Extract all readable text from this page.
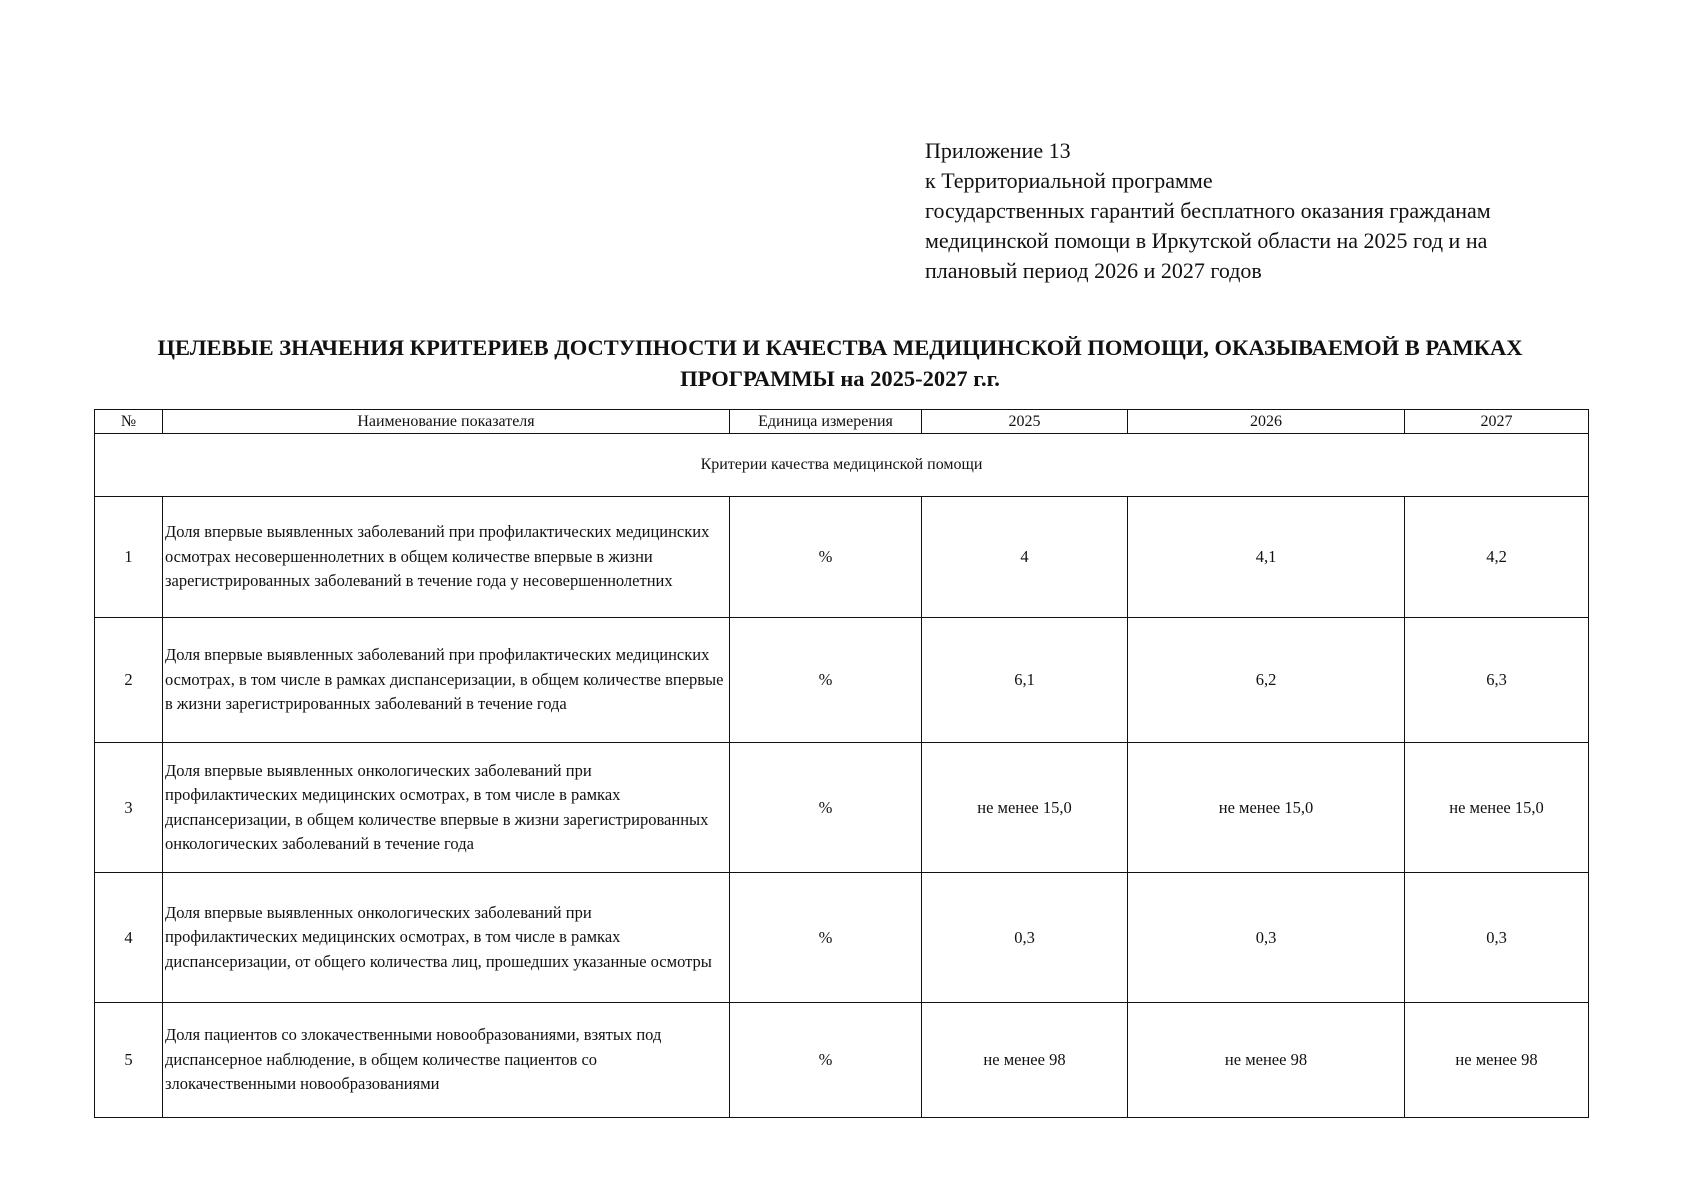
Приложение 13
к Территориальной программе
государственных гарантий бесплатного оказания гражданам
медицинской помощи в Иркутской области на 2025 год и на
плановый период 2026 и 2027 годов
ЦЕЛЕВЫЕ ЗНАЧЕНИЯ КРИТЕРИЕВ ДОСТУПНОСТИ И КАЧЕСТВА МЕДИЦИНСКОЙ ПОМОЩИ, ОКАЗЫВАЕМОЙ В РАМКАХ
ПРОГРАММЫ на 2025-2027 г.г.
№	Наименование показателя	Единица измерения	2025	2026	2027
Критерии качества медицинской помощи					
1	Доля впервые выявленных заболеваний при профилактических медицинских осмотрах несовершеннолетних в общем количестве впервые в жизни зарегистрированных заболеваний в течение года у несовершеннолетних	%	4	4,1	4,2
2	Доля впервые выявленных заболеваний при профилактических медицинских осмотрах, в том числе в рамках диспансеризации, в общем количестве впервые в жизни зарегистрированных заболеваний в течение года	%	6,1	6,2	6,3
3	Доля впервые выявленных онкологических заболеваний при профилактических медицинских осмотрах, в том числе в рамках диспансеризации, в общем количестве впервые в жизни зарегистрированных онкологических заболеваний в течение года	%	не менее 15,0	не менее 15,0	не менее 15,0
4	Доля впервые выявленных онкологических заболеваний при профилактических медицинских осмотрах, в том числе в рамках диспансеризации, от общего количества лиц, прошедших указанные осмотры	%	0,3	0,3	0,3
5	Доля пациентов со злокачественными новообразованиями, взятых под диспансерное наблюдение, в общем количестве пациентов со злокачественными новообразованиями	%	не менее 98	не менее 98	не менее 98
